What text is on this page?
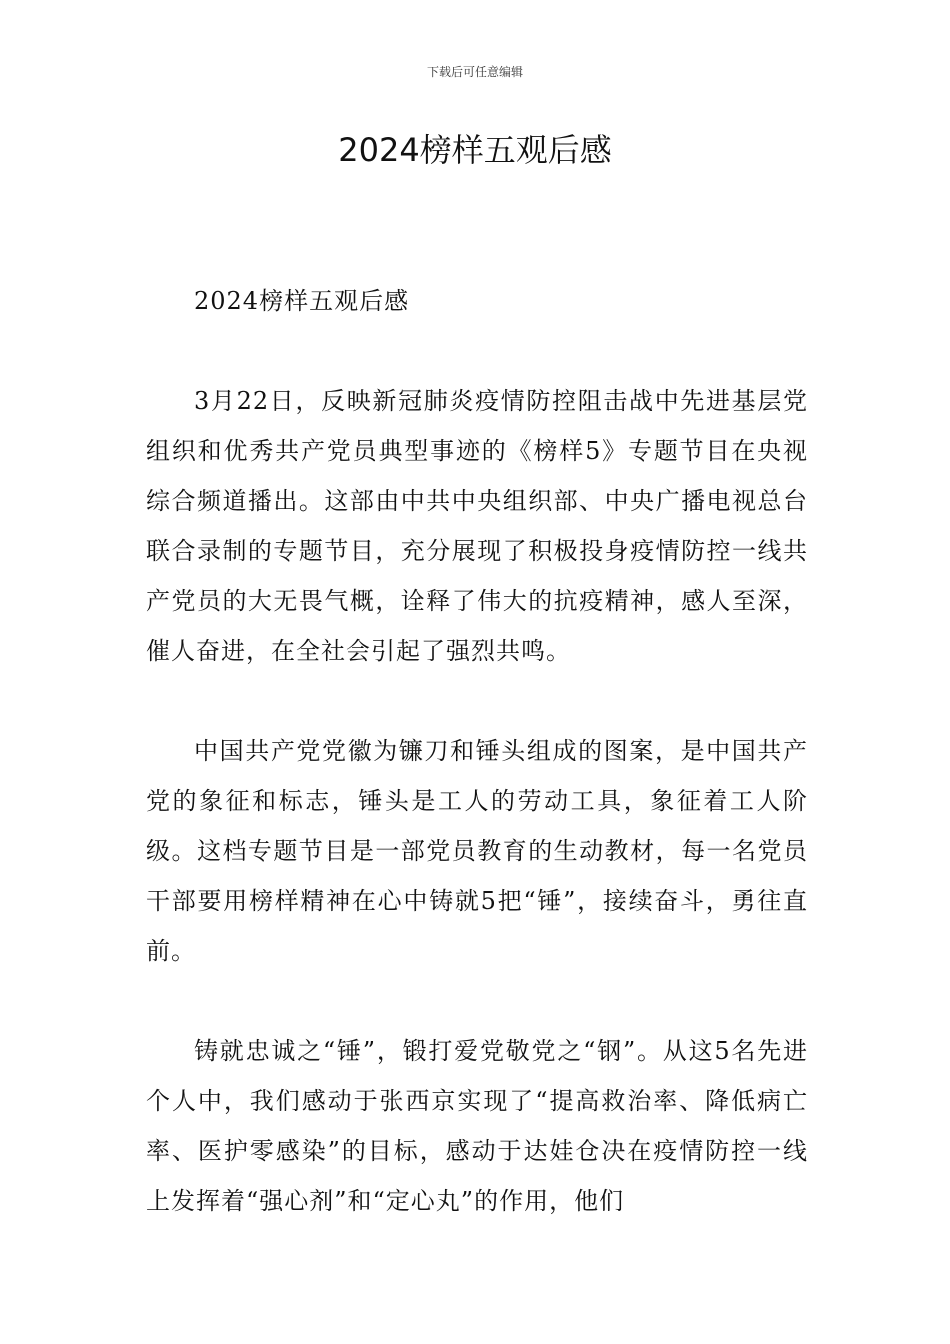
下载后可任意编辑
2024榜样五观后感

2024榜样五观后感

3月22日，反映新冠肺炎疫情防控阻击战中先进基层党组织和优秀共产党员典型事迹的《榜样5》专题节目在央视综合频道播出。这部由中共中央组织部、中央广播电视总台联合录制的专题节目，充分展现了积极投身疫情防控一线共产党员的大无畏气概，诠释了伟大的抗疫精神，感人至深，催人奋进，在全社会引起了强烈共鸣。

中国共产党党徽为镰刀和锤头组成的图案，是中国共产党的象征和标志，锤头是工人的劳动工具，象征着工人阶级。这档专题节目是一部党员教育的生动教材，每一名党员干部要用榜样精神在心中铸就5把“锤”，接续奋斗，勇往直前。

铸就忠诚之“锤”，锻打爱党敬党之“钢”。从这5名先进个人中，我们感动于张西京实现了“提高救治率、降低病亡率、医护零感染”的目标，感动于达娃仓决在疫情防控一线上发挥着“强心剂”和“定心丸”的作用，他们
